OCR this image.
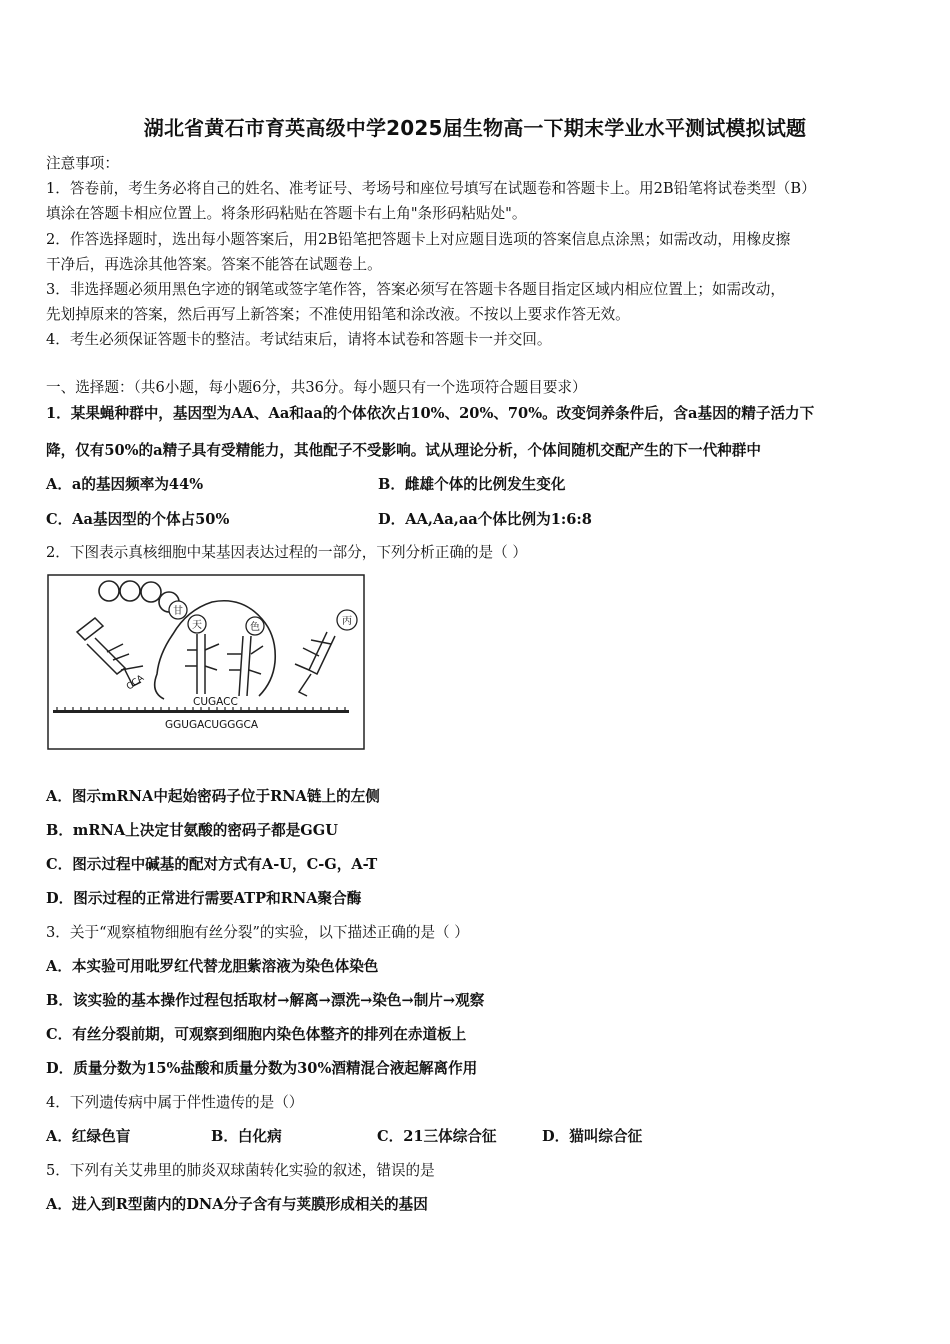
湖北省黄石市育英高级中学2025届生物高一下期末学业水平测试模拟试题
注意事项：
1．答卷前，考生务必将自己的姓名、准考证号、考场号和座位号填写在试题卷和答题卡上。用2B铅笔将试卷类型（B）
填涂在答题卡相应位置上。将条形码粘贴在答题卡右上角"条形码粘贴处"。
2．作答选择题时，选出每小题答案后，用2B铅笔把答题卡上对应题目选项的答案信息点涂黑；如需改动，用橡皮擦
干净后，再选涂其他答案。答案不能答在试题卷上。
3．非选择题必须用黑色字迹的钢笔或签字笔作答，答案必须写在答题卡各题目指定区域内相应位置上；如需改动，
先划掉原来的答案，然后再写上新答案；不准使用铅笔和涂改液。不按以上要求作答无效。
4．考生必须保证答题卡的整洁。考试结束后，请将本试卷和答题卡一并交回。
一、选择题：（共6小题，每小题6分，共36分。每小题只有一个选项符合题目要求）
1．某果蝇种群中，基因型为AA、Aa和aa的个体依次占10%、20%、70%。改变饲养条件后，含a基因的精子活力下
降，仅有50%的a精子具有受精能力，其他配子不受影响。试从理论分析，个体间随机交配产生的下一代种群中
A．a的基因频率为44%	B．雌雄个体的比例发生变化
C．Aa基因型的个体占50%	D．AA,Aa,aa个体比例为1:6:8
2．下图表示真核细胞中某基因表达过程的一部分，下列分析正确的是（ ）
甘
天	色
丙
CCA
CUGACC
GGUGACUGGGCA
A．图示mRNA中起始密码子位于RNA链上的左侧
B．mRNA上决定甘氨酸的密码子都是GGU
C．图示过程中碱基的配对方式有A-U，C-G，A-T
D．图示过程的正常进行需要ATP和RNA聚合酶
3．关于“观察植物细胞有丝分裂”的实验，以下描述正确的是（ ）
A．本实验可用吡罗红代替龙胆紫溶液为染色体染色
B．该实验的基本操作过程包括取材→解离→漂洗→染色→制片→观察
C．有丝分裂前期，可观察到细胞内染色体整齐的排列在赤道板上
D．质量分数为15%盐酸和质量分数为30%酒精混合液起解离作用
4．下列遗传病中属于伴性遗传的是（）
A．红绿色盲	B．白化病	C．21三体综合征	D．猫叫综合征
5．下列有关艾弗里的肺炎双球菌转化实验的叙述，错误的是
A．进入到R型菌内的DNA分子含有与荚膜形成相关的基因
